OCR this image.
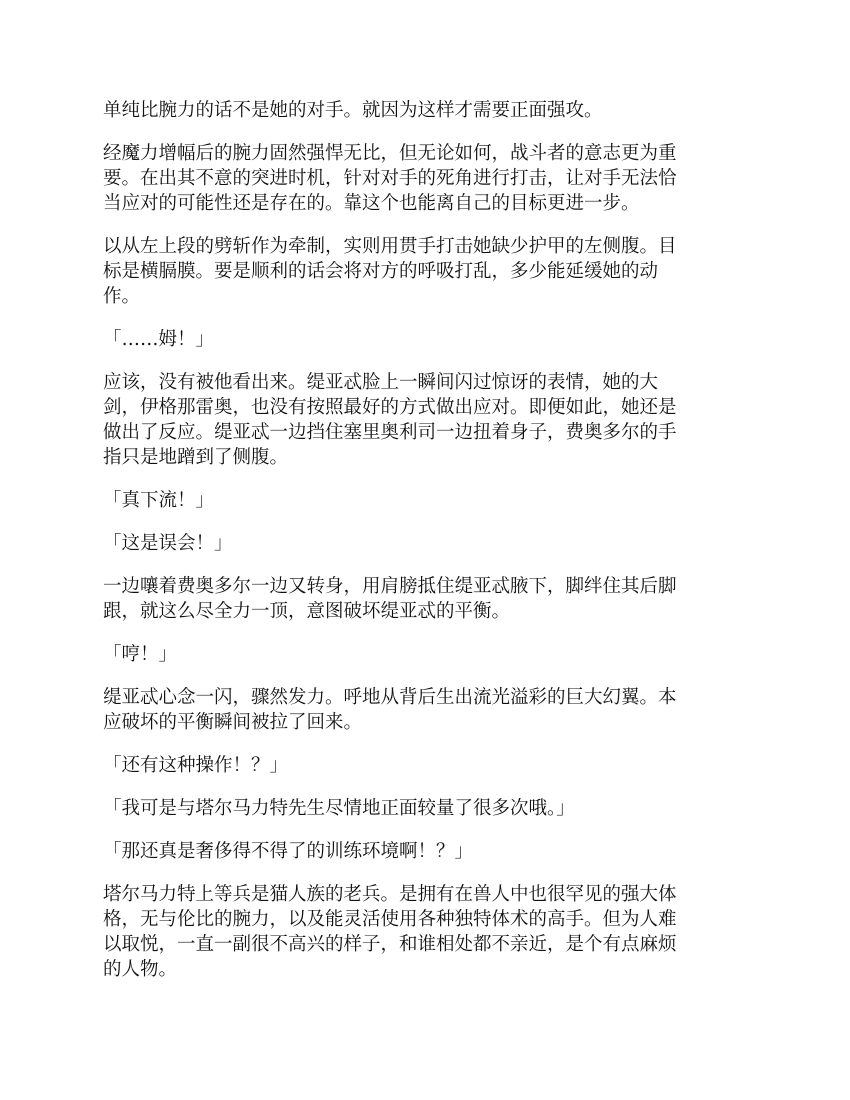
单纯比腕力的话不是她的对手。就因为这样才需要正面强攻。

经魔力增幅后的腕力固然强悍无比，但无论如何，战斗者的意志更为重
要。在出其不意的突进时机，针对对手的死角进行打击，让对手无法恰
当应对的可能性还是存在的。靠这个也能离自己的目标更进一步。

以从左上段的劈斩作为牵制，实则用贯手打击她缺少护甲的左侧腹。目
标是横膈膜。要是顺利的话会将对方的呼吸打乱，多少能延缓她的动
作。

「……姆！」

应该，没有被他看出来。缇亚忒脸上一瞬间闪过惊讶的表情，她的大
剑，伊格那雷奥，也没有按照最好的方式做出应对。即便如此，她还是
做出了反应。缇亚忒一边挡住塞里奥利司一边扭着身子，费奥多尔的手
指只是地蹭到了侧腹。

「真下流！」

「这是误会！」

一边嚷着费奥多尔一边又转身，用肩膀抵住缇亚忒腋下，脚绊住其后脚
跟，就这么尽全力一顶，意图破坏缇亚忒的平衡。

「哼！」

缇亚忒心念一闪，骤然发力。呼地从背后生出流光溢彩的巨大幻翼。本
应破坏的平衡瞬间被拉了回来。

「还有这种操作！？」

「我可是与塔尔马力特先生尽情地正面较量了很多次哦。」

「那还真是奢侈得不得了的训练环境啊！？」

塔尔马力特上等兵是猫人族的老兵。是拥有在兽人中也很罕见的强大体
格，无与伦比的腕力，以及能灵活使用各种独特体术的高手。但为人难
以取悦，一直一副很不高兴的样子，和谁相处都不亲近，是个有点麻烦
的人物。
